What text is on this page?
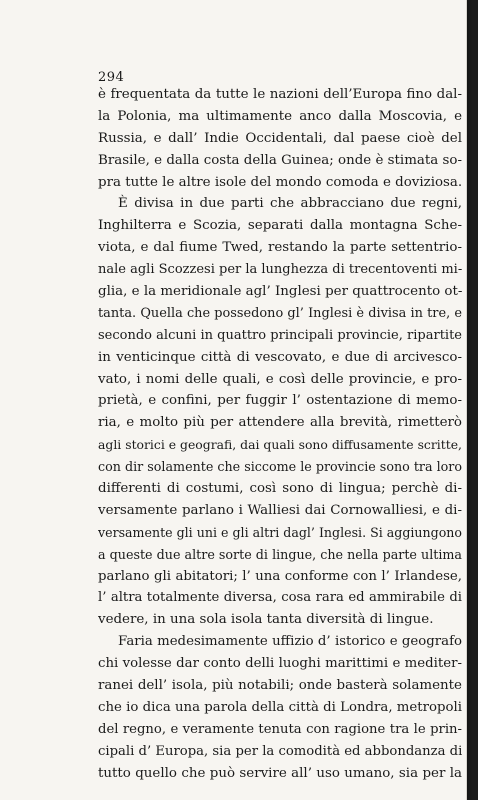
294
è frequentata da tutte le nazioni dell’Europa fino dal-
la Polonia, ma ultimamente anco dalla Moscovia, e
Russia, e dall’ Indie Occidentali, dal paese cioè del
Brasile, e dalla costa della Guinea; onde è stimata so-
pra tutte le altre isole del mondo comoda e doviziosa.
È divisa in due parti che abbracciano due regni,
Inghilterra e Scozia, separati dalla montagna Sche-
viota, e dal fiume Twed, restando la parte settentrio-
nale agli Scozzesi per la lunghezza di trecentoventi mi-
glia, e la meridionale agl’ Inglesi per quattrocento ot-
tanta. Quella che possedono gl’ Inglesi è divisa in tre, e
secondo alcuni in quattro principali provincie, ripartite
in venticinque città di vescovato, e due di arcivesco-
vato, i nomi delle quali, e così delle provincie, e pro-
prietà, e confini, per fuggir l’ ostentazione di memo-
ria, e molto più per attendere alla brevità, rimetterò
agli storici e geografi, dai quali sono diffusamente scritte,
con dir solamente che siccome le provincie sono tra loro
differenti di costumi, così sono di lingua; perchè di-
versamente parlano i Walliesi dai Cornowalliesi, e di-
versamente gli uni e gli altri dagl’ Inglesi. Si aggiungono
a queste due altre sorte di lingue, che nella parte ultima
parlano gli abitatori; l’ una conforme con l’ Irlandese,
l’ altra totalmente diversa, cosa rara ed ammirabile di
vedere, in una sola isola tanta diversità di lingue.
Faria medesimamente uffizio d’ istorico e geografo
chi volesse dar conto delli luoghi marittimi e mediter-
ranei dell’ isola, più notabili; onde basterà solamente
che io dica una parola della città di Londra, metropoli
del regno, e veramente tenuta con ragione tra le prin-
cipali d’ Europa, sia per la comodità ed abbondanza di
tutto quello che può servire all’ uso umano, sia per la
